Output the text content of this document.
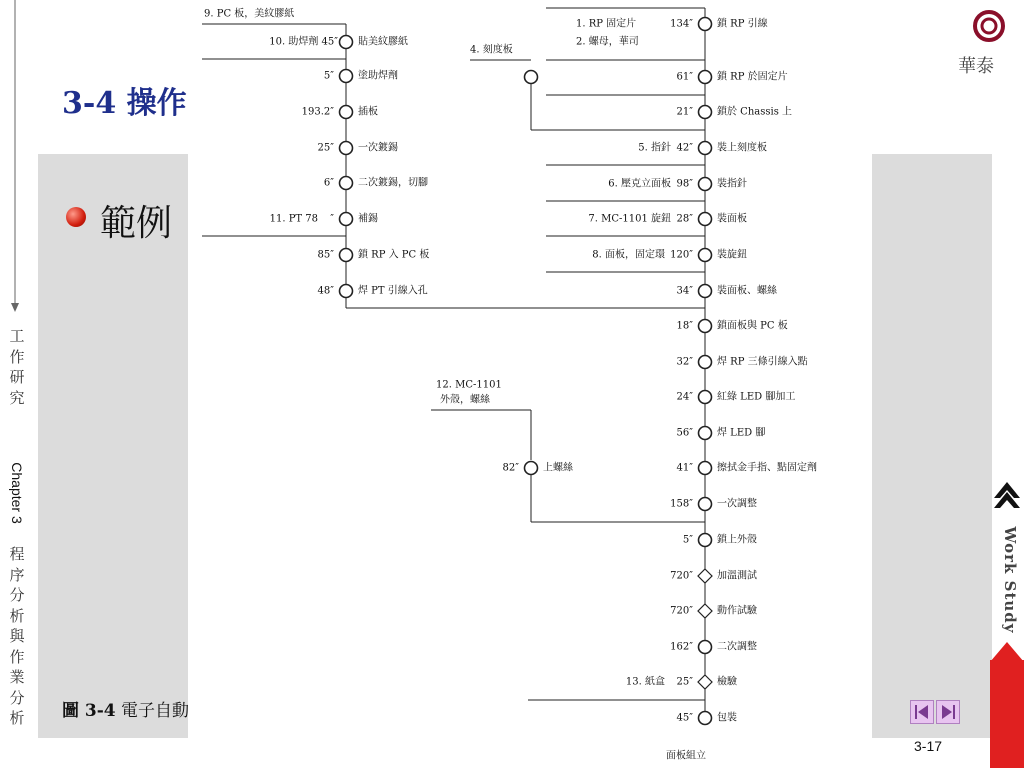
工
作
研
究
Chapter 3
程
序
分
析
與
作
業
分
析
3-4 操作
範例
圖 3-4 電子自動溫度控制器之操作程序圖
華泰
Work Study
3-17
貼美紋膠紙
5″ 塗助焊劑
193.2″ 插板
25″ 一次鍍錫
6″ 二次鍍錫，切腳
″ 補錫
85″ 鎖 RP 入 PC 板
48″ 焊 PT 引線入孔
9. PC 板，美紋膠紙
10. 助焊劑 45″
11. PT 78
4. 刻度板
134″ 鎖 RP 引線
61″ 鎖 RP 於固定片
21″ 鎖於 Chassis 上
42″ 裝上刻度板
98″ 裝指針
28″ 裝面板
120″ 裝旋鈕
34″ 裝面板、螺絲
18″ 鎖面板與 PC 板
32″ 焊 RP 三條引線入點
24″ 紅綠 LED 腳加工
56″ 焊 LED 腳
41″ 擦拭金手指、點固定劑
158″ 一次調整
5″ 鎖上外殼
720″ 加溫測試
720″ 動作試驗
162″ 二次調整
25″ 檢驗
45″ 包裝
1. RP 固定片
2. 螺母，華司
5. 指針
6. 壓克立面板
7. MC-1101 旋鈕
8. 面板，固定環
13. 紙盒
12. MC-1101
外殼，螺絲
82″ 上螺絲
面板組立
